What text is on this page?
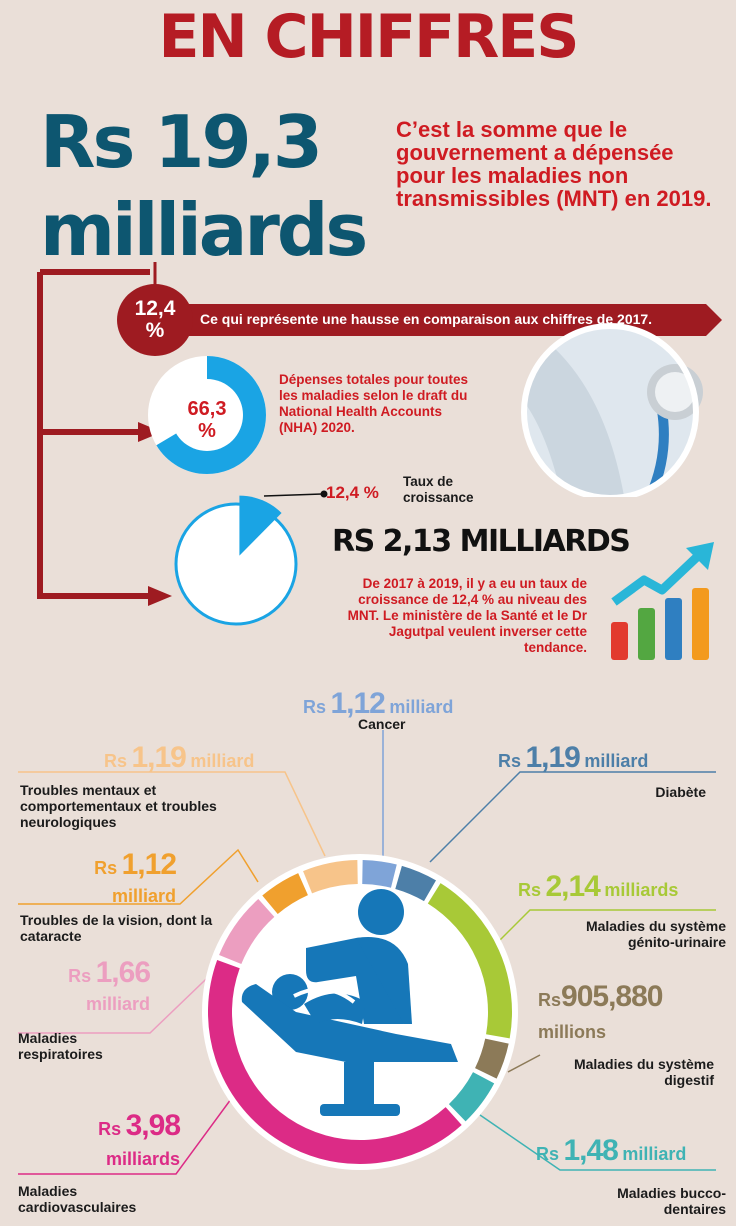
EN CHIFFRES
Rs 19,3
milliards
C’est la somme que le gouvernement a dépensée pour les maladies non transmissibles (MNT) en 2019.
12,4
%	Ce qui représente une hausse en comparaison aux chiffres de 2017.
66,3
%
Dépenses totales pour toutes les maladies selon le draft du National Health Accounts (NHA) 2020.
12,4 %
Taux de croissance
RS 2,13 MILLIARDS
De 2017 à 2019, il y a eu un taux de croissance de 12,4 % au niveau des MNT. Le ministère de la Santé et le Dr Jagutpal veulent inverser cette tendance.
Rs 1,12 milliard
Cancer
Rs 1,19 milliard
Diabète
Rs 2,14 milliards
Maladies du système génito-urinaire
Rs905,880
millions
Maladies du système digestif
Rs 1,48 milliard
Maladies bucco-dentaires
Rs 3,98
milliards
Maladies cardiovasculaires
Rs 1,66
milliard
Maladies respiratoires
Rs 1,12
milliard
Troubles de la vision, dont la cataracte
Rs 1,19 milliard
Troubles mentaux et comportementaux et troubles neurologiques
